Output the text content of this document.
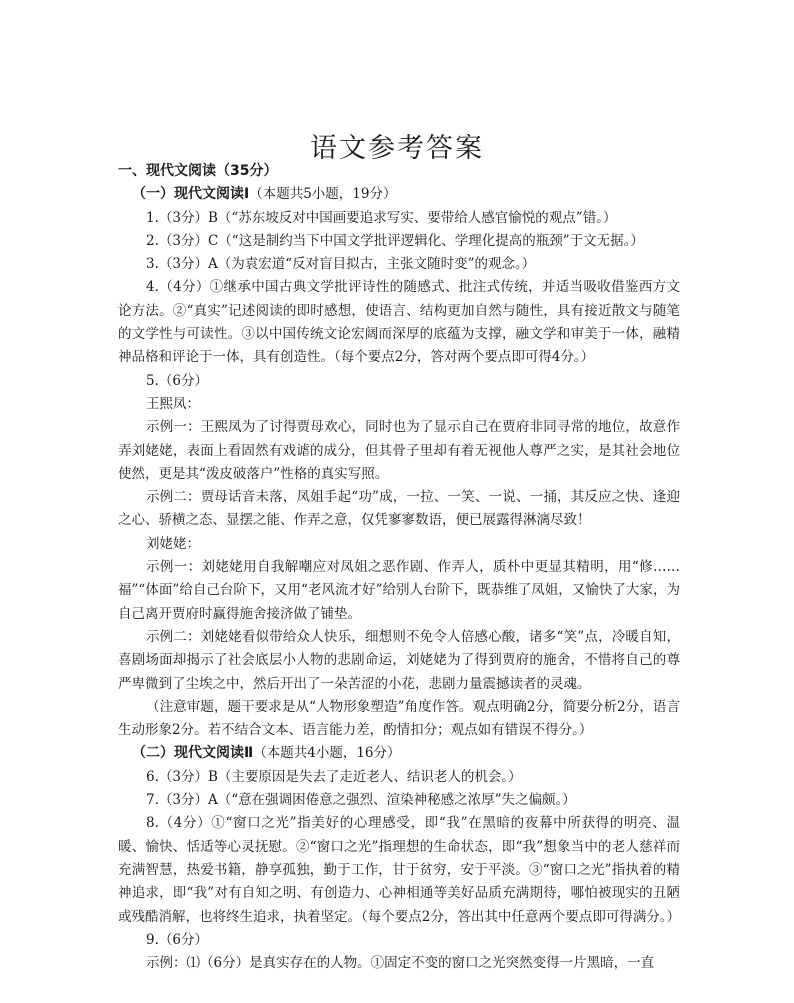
语文参考答案

一、现代文阅读（35分）

（一）现代文阅读Ⅰ（本题共5小题，19分）

1.（3分）B（“苏东坡反对中国画要追求写实、要带给人感官愉悦的观点”错。）

2.（3分）C（“这是制约当下中国文学批评逻辑化、学理化提高的瓶颈”于文无据。）

3.（3分）A（为袁宏道“反对盲目拟古，主张文随时变”的观念。）

4.（4分）①继承中国古典文学批评诗性的随感式、批注式传统，并适当吸收借鉴西方文论方法。②“真实”记述阅读的即时感想，使语言、结构更加自然与随性，具有接近散文与随笔的文学性与可读性。③以中国传统文论宏阔而深厚的底蕴为支撑，融文学和审美于一体，融精神品格和评论于一体，具有创造性。（每个要点2分，答对两个要点即可得4分。）

5.（6分）

王熙凤：

示例一：王熙凤为了讨得贾母欢心，同时也为了显示自己在贾府非同寻常的地位，故意作弄刘姥姥，表面上看固然有戏谑的成分，但其骨子里却有着无视他人尊严之实，是其社会地位使然，更是其“泼皮破落户”性格的真实写照。

示例二：贾母话音未落，凤姐手起“功”成，一拉、一笑、一说、一捅，其反应之快、逢迎之心、骄横之态、显摆之能、作弄之意，仅凭寥寥数语，便已展露得淋漓尽致！

刘姥姥：

示例一：刘姥姥用自我解嘲应对凤姐之恶作剧、作弄人，质朴中更显其精明，用“修……福”“体面”给自己台阶下，又用“老风流才好”给别人台阶下，既恭维了凤姐，又愉快了大家，为自己离开贾府时赢得施舍接济做了铺垫。

示例二：刘姥姥看似带给众人快乐，细想则不免令人倍感心酸，诸多“笑”点，冷暖自知，喜剧场面却揭示了社会底层小人物的悲剧命运，刘姥姥为了得到贾府的施舍，不惜将自己的尊严卑微到了尘埃之中，然后开出了一朵苦涩的小花，悲剧力量震撼读者的灵魂。

（注意审题，题干要求是从“人物形象塑造”角度作答。观点明确2分，简要分析2分，语言生动形象2分。若不结合文本、语言能力差，酌情扣分；观点如有错误不得分。）

（二）现代文阅读Ⅱ（本题共4小题，16分）

6.（3分）B（主要原因是失去了走近老人、结识老人的机会。）

7.（3分）A（“意在强调困倦意之强烈、渲染神秘感之浓厚”失之偏颇。）

8.（4分）①“窗口之光”指美好的心理感受，即“我”在黑暗的夜幕中所获得的明亮、温暖、愉快、恬适等心灵抚慰。②“窗口之光”指理想的生命状态，即“我”想象当中的老人慈祥而充满智慧，热爱书籍，静享孤独，勤于工作，甘于贫穷，安于平淡。③“窗口之光”指执着的精神追求，即“我”对有自知之明、有创造力、心神相通等美好品质充满期待，哪怕被现实的丑陋或残酷消解，也将终生追求，执着坚定。（每个要点2分，答出其中任意两个要点即可得满分。）

9.（6分）

示例：⑴（6分）是真实存在的人物。①固定不变的窗口之光突然变得一片黑暗，一直
